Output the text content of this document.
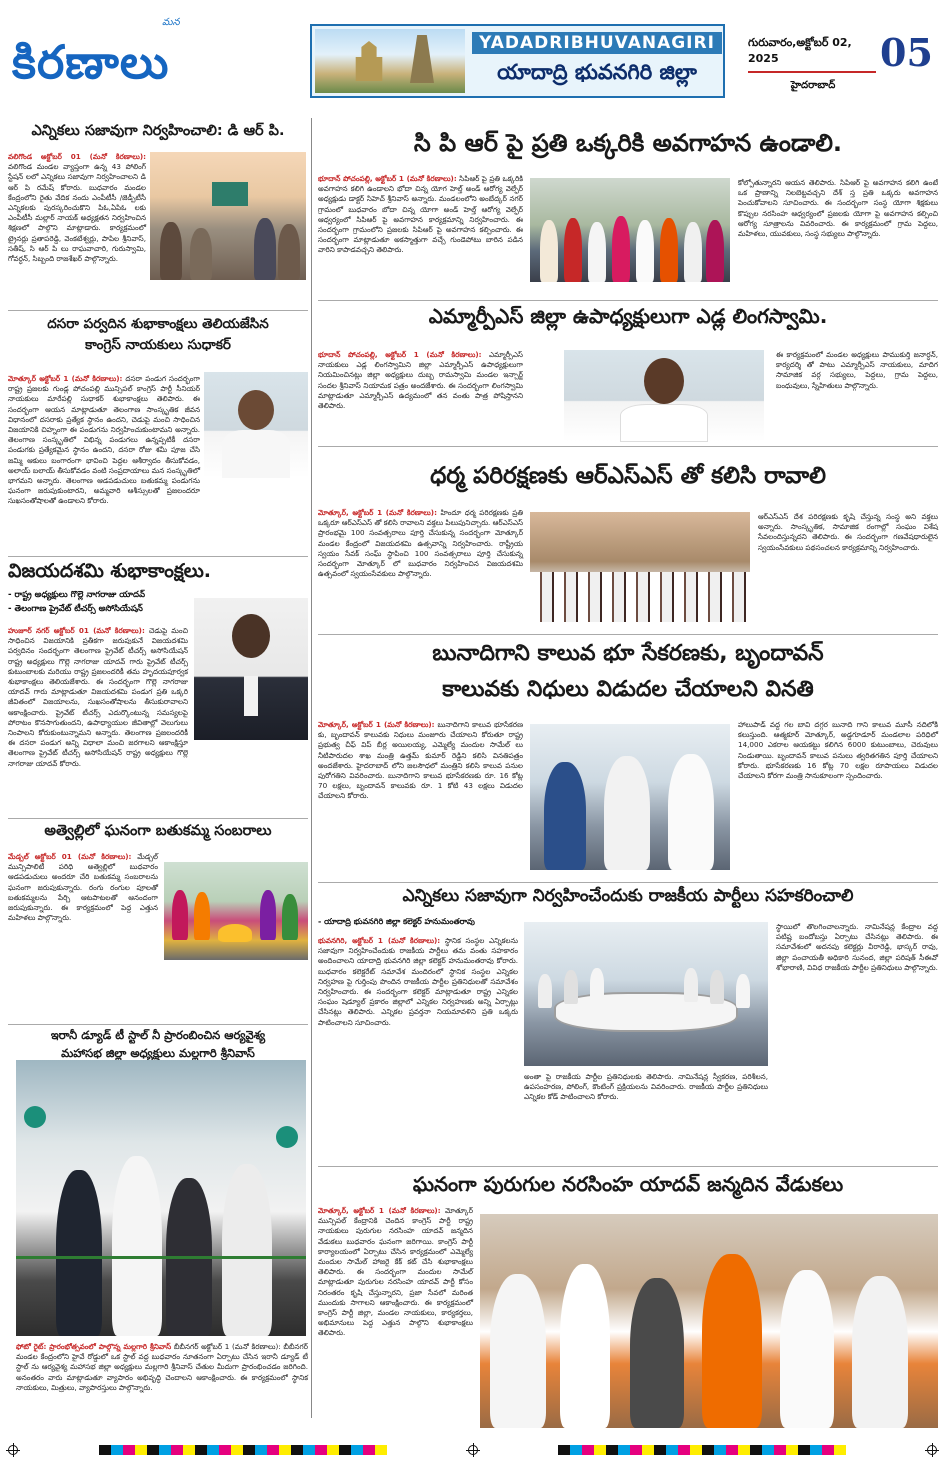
మన
కిరణాలు	YADADRIBHUVANAGIRI
యాదాద్రి భువనగిరి జిల్లా
గురువారం,అక్టోబర్ 02, 2025
హైదరాబాద్
05
ఎన్నికలు సజావుగా నిర్వహించాలి: డి ఆర్ పి.
వలిగొండ అక్టోబర్ 01 (మనో కిరణాలు): వలిగొండ మండల వ్యాప్తంగా ఉన్న 43 పోలింగ్ స్టేషన్ లలో ఎన్నికలు సజావుగా నిర్వహించాలని డి ఆర్ పి రమేష్ కోరారు. బుధవారం మండల కేంద్రంలోని రైతు వేదిక నందు ఎంపీటీసీ /జెడ్పీటీసీ ఎన్నికలకు పురస్కరించుకొని పిఓ,ఏపిఓ లకు ఎంపీటీసీ మల్లార్ నాయక్ అధ్యక్షతన నిర్వహించిన శిక్షణలో పాల్గొని మాట్లాడారు. కార్యక్రమంలో ట్రైనర్లు ప్రతాపరెడ్డి, వెంకటేశ్వర్లు, పాపిల శ్రీనివాస్, సతీష్, సి ఆర్ పి లు రాఘవాచారి, గురుస్వామి, గోవర్ధన్, సిబ్బంది రాజశేఖర్ పాల్గొన్నారు.
దసరా పర్వదిన శుభాకాంక్షలు తెలియజేసిన
కాంగ్రెస్ నాయకులు సుధాకర్
మోత్కూర్ అక్టోబర్ 1 (మనో కిరణాలు): దసరా పండుగ సందర్భంగా రాష్ట్ర ప్రజలకు గుండ్ల పోచంపల్లి మున్సిపల్ కాంగ్రెస్ పార్టీ సీనియర్ నాయకులు మారేపల్లి సుధాకర్ శుభాకాంక్షలు తెలిపారు. ఈ సందర్భంగా ఆయన మాట్లాడుతూ తెలంగాణ సాంస్కృతిక జీవన విధానంలో దసరాకు ప్రత్యేక స్థానం ఉందని, చెడుపై మంచి సాధించిన విజయానికి చిహ్నంగా ఈ పండుగను నిర్వహించుకుంటామని అన్నారు. తెలంగాణ సంస్కృతిలో విభిన్న పండుగలు ఉన్నప్పటికీ దసరా పండుగకు ప్రత్యేకమైన స్థానం ఉందని, దసరా రోజు శమీ పూజ చేసి జమ్మి ఆకులు బంగారంగా భావించి పెద్దల ఆశీర్వాదం తీసుకోవడం, అలాయ్ బలాయ్ తీసుకోవడం వంటి సంప్రదాయాలు మన సంస్కృతిలో భాగమని అన్నారు. తెలంగాణ ఆడపడుచులు బతుకమ్మ పండుగను ఘనంగా జరుపుకుంటారని, అమ్మవారి ఆశీస్సులతో ప్రజలందరూ సుఖసంతోషాలతో ఉండాలని కోరారు.
విజయదశమి శుభాకాంక్షలు.
- రాష్ట్ర అధ్యక్షులు గొల్లె నాగరాజు యాదవ్
- తెలంగాణ ప్రైవేట్ టీచర్స్ అసోసియేషన్
హుజూర్ నగర్ అక్టోబర్ 01 (మనో కిరణాలు): చెడుపై మంచి సాధించిన విజయానికి ప్రతీకగా జరుపుకునే విజయదశమి పర్వదినం సందర్భంగా తెలంగాణ ప్రైవేట్ టీచర్స్ అసోసియేషన్ రాష్ట్ర అధ్యక్షులు గొల్లె నాగరాజు యాదవ్ గారు ప్రైవేట్ టీచర్స్ కుటుంబాలకు మరియు రాష్ట్ర ప్రజలందరికీ తమ హృదయపూర్వక శుభాకాంక్షలు తెలియజేశారు. ఈ సందర్భంగా గొల్లె నాగరాజు యాదవ్ గారు మాట్లాడుతూ విజయదశమి పండుగ ప్రతి ఒక్కరి జీవితంలో విజయాలను, సుఖసంతోషాలను తీసుకురావాలని ఆకాంక్షించారు. ప్రైవేట్ టీచర్స్ ఎదుర్కొంటున్న సమస్యలపై పోరాటం కొనసాగుతుందని, ఉపాధ్యాయుల జీవితాల్లో వెలుగులు నింపాలని కోరుకుంటున్నామని అన్నారు. తెలంగాణ ప్రజలందరికీ ఈ దసరా పండుగ అన్ని విధాలా మంచి జరగాలని ఆకాంక్షిస్తూ తెలంగాణ ప్రైవేట్ టీచర్స్ అసోసియేషన్ రాష్ట్ర అధ్యక్షులు గొల్లె నాగరాజు యాదవ్ కోరారు.
అత్వెల్లిలో ఘనంగా బతుకమ్మ సంబరాలు
మేడ్చల్ అక్టోబర్ 01 (మనో కిరణాలు): మేడ్చల్ మున్సిపాలిటీ పరిధి అత్వెల్లిలో బుధవారం ఆడపడుచులు అందరూ చేరి బతుకమ్మ సంబరాలను ఘనంగా జరుపుకున్నారు. రంగు రంగుల పూలతో బతుకమ్మలను పేర్చి ఆటపాటలతో ఆనందంగా జరుపుకున్నారు. ఈ కార్యక్రమంలో పెద్ద ఎత్తున మహిళలు పాల్గొన్నారు.
ఇరానీ డ్యూడ్ టీ స్టాల్ నీ ప్రారంబించిన ఆర్యవైశ్య
మహాసభ జిల్లా అధ్యక్షులు మల్లగారి శ్రీనివాస్
ఫోటో రైట్: ప్రారంభోత్సవంలో పాల్గొన్న మల్లగారి శ్రీనివాస్ బీబీనగర్ అక్టోబర్ 1 (మనో కిరణాలు): బీబీనగర్ మండల కేంద్రంలోని హైవే రోడ్డులో ఒక స్టాల్ వద్ద బుధవారం నూతనంగా ఏర్పాటు చేసిన ఇరానీ డ్యూడ్ టీ స్టాల్ ను ఆర్యవైశ్య మహాసభ జిల్లా అధ్యక్షులు మల్లగారి శ్రీనివాస్ చేతుల మీదుగా ప్రారంభించడం జరిగింది. అనంతరం వారు మాట్లాడుతూ వ్యాపారం అభివృద్ధి చెందాలని ఆకాంక్షించారు. ఈ కార్యక్రమంలో స్థానిక నాయకులు, మిత్రులు, వ్యాపారస్తులు పాల్గొన్నారు.
సి పి ఆర్ పై ప్రతి ఒక్కరికి అవగాహన ఉండాలి.
భూదాన్ పోచంపల్లి, అక్టోబర్ 1 (మనో కిరణాలు): సిపిఆర్ పై ప్రతి ఒక్కరికి అవగాహన కలిగి ఉండాలని భోదా చిన్న యోగ హెల్త్ అండ్ ఆరోగ్య వెల్ఫేర్ అధ్యక్షుడు డాక్టర్ సిహెచ్ శ్రీనివాస్ అన్నారు. మండలంలోని అంబేద్కర్ నగర్ గ్రామంలో బుధవారం బోదా చిన్న యోగా అండ్ హెల్త్ ఆరోగ్య వెల్ఫేర్ ఆధ్వర్యంలో సిపిఆర్ పై అవగాహన కార్యక్రమాన్ని నిర్వహించారు. ఈ సందర్భంగా గ్రామంలోని ప్రజలకు సిపిఆర్ పై అవగాహన కల్పించారు. ఈ సందర్భంగా మాట్లాడుతూ అకస్మాత్తుగా వచ్చే గుండెపోటు బారిన పడిన వారిని కాపాడవచ్చని తెలిపారు.
కోల్పోతున్నారని ఆయన తెలిపారు. సిపిఆర్ పై అవగాహన కలిగి ఉంటే ఒక ప్రాణాన్ని నిలబెట్టవచ్చని దేశ్ స్త ప్రతి ఒక్కరు అవగాహన పెంచుకోవాలని సూచించారు. ఈ సందర్భంగా సంస్థ యోగా శిక్షకులు కొప్పుల నరసింహ ఆధ్వర్యంలో ప్రజలకు యోగా పై అవగాహన కల్పించి ఆరోగ్య సూత్రాలను వివరించారు. ఈ కార్యక్రమంలో గ్రామ పెద్దలు, మహిళలు, యువకులు, సంస్థ సభ్యులు పాల్గొన్నారు.
ఎమ్మార్పీఎస్ జిల్లా ఉపాధ్యక్షులుగా ఎడ్ల లింగస్వామి.
భూదాన్ పోచంపల్లి, అక్టోబర్ 1 (మనో కిరణాలు): ఎమ్మార్పీఎస్ నాయకులు ఎడ్ల లింగస్వామిని జిల్లా ఎమ్మార్పీఎస్ ఉపాధ్యక్షులుగా నియమించినట్లు జిల్లా అధ్యక్షులు దుబ్బ రామస్వామి మండల ఇన్చార్జ్ సందల శ్రీనివాస్ నియామక పత్రం అందజేశారు. ఈ సందర్భంగా లింగస్వామి మాట్లాడుతూ ఎమ్మార్పీఎస్ ఉద్యమంలో తన వంతు పాత్ర పోషిస్తానని తెలిపారు.
ఈ కార్యక్రమంలో మండల అధ్యక్షులు పాముకుర్తి జనార్ధన్, కార్యదర్శి తో పాటు ఎమ్మార్పీఎస్ నాయకులు, మాదిగ సామాజిక వర్గ సభ్యులు, పెద్దలు, గ్రామ పెద్దలు, బంధువులు, స్నేహితులు పాల్గొన్నారు.
ధర్మ పరిరక్షణకు ఆర్ఎస్ఎస్ తో కలిసి రావాలి
మోత్కూర్, అక్టోబర్ 1 (మనో కిరణాలు): హిందూ ధర్మ పరిరక్షణకు ప్రతి ఒక్కరూ ఆర్ఎస్ఎస్ తో కలిసి రావాలని వక్తలు పిలుపునిచ్చారు. ఆర్ఎస్ఎస్ ప్రారంభమై 100 సంవత్సరాలు పూర్తి చేసుకున్న సందర్భంగా మోత్కూర్ మండల కేంద్రంలో విజయదశమి ఉత్సవాన్ని నిర్వహించారు. రాష్ట్రీయ స్వయం సేవక్ సంఘ్ స్థాపించి 100 సంవత్సరాలు పూర్తి చేసుకున్న సందర్భంగా మోత్కూర్ లో బుధవారం నిర్వహించిన విజయదశమి ఉత్సవంలో స్వయంసేవకులు పాల్గొన్నారు.
ఆర్ఎస్ఎస్ దేశ పరిరక్షణకు కృషి చేస్తున్న సంస్థ అని వక్తలు అన్నారు. సాంస్కృతిక, సామాజిక రంగాల్లో సంఘం విశేష సేవలందిస్తున్నదని తెలిపారు. ఈ సందర్భంగా గణవేషధారులైన స్వయంసేవకులు పథసంచలన కార్యక్రమాన్ని నిర్వహించారు.
బునాదిగాని కాలువ భూ సేకరణకు, బృందావన్
కాలువకు నిధులు విడుదల చేయాలని వినతి
మోత్కూర్, అక్టోబర్ 1 (మనో కిరణాలు): బునాదిగాని కాలువ భూసేకరణ కు, బృందావన్ కాలువకు నిధులు మంజూరు చేయాలని కోరుతూ రాష్ట్ర ప్రభుత్వ చీఫ్ విప్ బీర్ల అయిలయ్య, ఎమ్మెల్యే మందుల సామేల్ లు నీటిపారుదల శాఖ మంత్రి ఉత్తమ్ కుమార్ రెడ్డిని కలిసి వినతిపత్రం అందజేశారు. హైదరాబాద్ లోని జలసౌధలో మంత్రిని కలిసి కాలువ పనుల పురోగతిని వివరించారు. బునాదిగాని కాలువ భూసేకరణకు రూ. 16 కోట్ల 70 లక్షలు, బృందావన్ కాలువకు రూ. 1 కోటి 43 లక్షలు విడుదల చేయాలని కోరారు.
హాలుపాడ్ వద్ద గల బావి దగ్గర బునాది గాని కాలువ మూసీ నదిలోకి కలుస్తుంది. ఆత్మకూర్ మోత్కూర్, అడ్డగూడూర్ మండలాల పరిధిలో 14,000 ఎకరాల ఆయకట్టు కలిగిన 6000 కుటుంబాలు, చెరువులు నిండుతాయి. బృందావన్ కాలువ పనులు త్వరితగతిన పూర్తి చేయాలని కోరారు. భూసేకరణకు 16 కోట్ల 70 లక్షల రూపాయలు విడుదల చేయాలని కోరగా మంత్రి సానుకూలంగా స్పందించారు.
ఎన్నికలు సజావుగా నిర్వహించేందుకు రాజకీయ పార్టీలు సహకరించాలి
- యాదాద్రి భువనగిరి జిల్లా కలెక్టర్ హనుమంతరావు
భువనగిరి, అక్టోబర్ 1 (మనో కిరణాలు): స్థానిక సంస్థల ఎన్నికలను సజావుగా నిర్వహించేందుకు రాజకీయ పార్టీలు తమ వంతు సహకారం అందించాలని యాదాద్రి భువనగిరి జిల్లా కలెక్టర్ హనుమంతరావు కోరారు. బుధవారం కలెక్టరేట్ సమావేశ మందిరంలో స్థానిక సంస్థల ఎన్నికల నిర్వహణ పై గుర్తింపు పొందిన రాజకీయ పార్టీల ప్రతినిధులతో సమావేశం నిర్వహించారు. ఈ సందర్భంగా కలెక్టర్ మాట్లాడుతూ రాష్ట్ర ఎన్నికల సంఘం షెడ్యూల్ ప్రకారం జిల్లాలో ఎన్నికల నిర్వహణకు అన్ని ఏర్పాట్లు చేసినట్లు తెలిపారు. ఎన్నికల ప్రవర్తనా నియమావళిని ప్రతి ఒక్కరు పాటించాలని సూచించారు.
అంతా పై రాజకీయ పార్టీల ప్రతినిధులకు తెలిపారు. నామినేషన్ల స్వీకరణ, పరిశీలన, ఉపసంహరణ, పోలింగ్, కౌంటింగ్ ప్రక్రియలను వివరించారు. రాజకీయ పార్టీల ప్రతినిధులు ఎన్నికల కోడ్ పాటించాలని కోరారు.
స్థాయిలో తొలగించాలన్నారు. నామినేషన్ల కేంద్రాల వద్ద పటిష్ట బందోబస్తు ఏర్పాటు చేసినట్లు తెలిపారు. ఈ సమావేశంలో అదనపు కలెక్టర్లు వీరారెడ్డి, భాస్కర్ రావు, జిల్లా పంచాయతీ అధికారి సునంద, జిల్లా పరిషత్ సీఈవో శోభారాణి, వివిధ రాజకీయ పార్టీల ప్రతినిధులు పాల్గొన్నారు.
ఘనంగా పురుగుల నరసింహ యాదవ్ జన్మదిన వేడుకలు
మోత్కూర్, అక్టోబర్ 1 (మనో కిరణాలు): మోత్కూర్ మున్సిపల్ కేంద్రానికి చెందిన కాంగ్రెస్ పార్టీ రాష్ట్ర నాయకులు పురుగుల నరసింహ యాదవ్ జన్మదిన వేడుకలు బుధవారం ఘనంగా జరిగాయి. కాంగ్రెస్ పార్టీ కార్యాలయంలో ఏర్పాటు చేసిన కార్యక్రమంలో ఎమ్మెల్యే మందుల సామేల్ హాజరై కేక్ కట్ చేసి శుభాకాంక్షలు తెలిపారు. ఈ సందర్భంగా మందుల సామేల్ మాట్లాడుతూ పురుగుల నరసింహ యాదవ్ పార్టీ కోసం నిరంతరం కృషి చేస్తున్నారని, ప్రజా సేవలో మరింత ముందుకు సాగాలని ఆకాంక్షించారు. ఈ కార్యక్రమంలో కాంగ్రెస్ పార్టీ జిల్లా, మండల నాయకులు, కార్యకర్తలు, అభిమానులు పెద్ద ఎత్తున పాల్గొని శుభాకాంక్షలు తెలిపారు.
